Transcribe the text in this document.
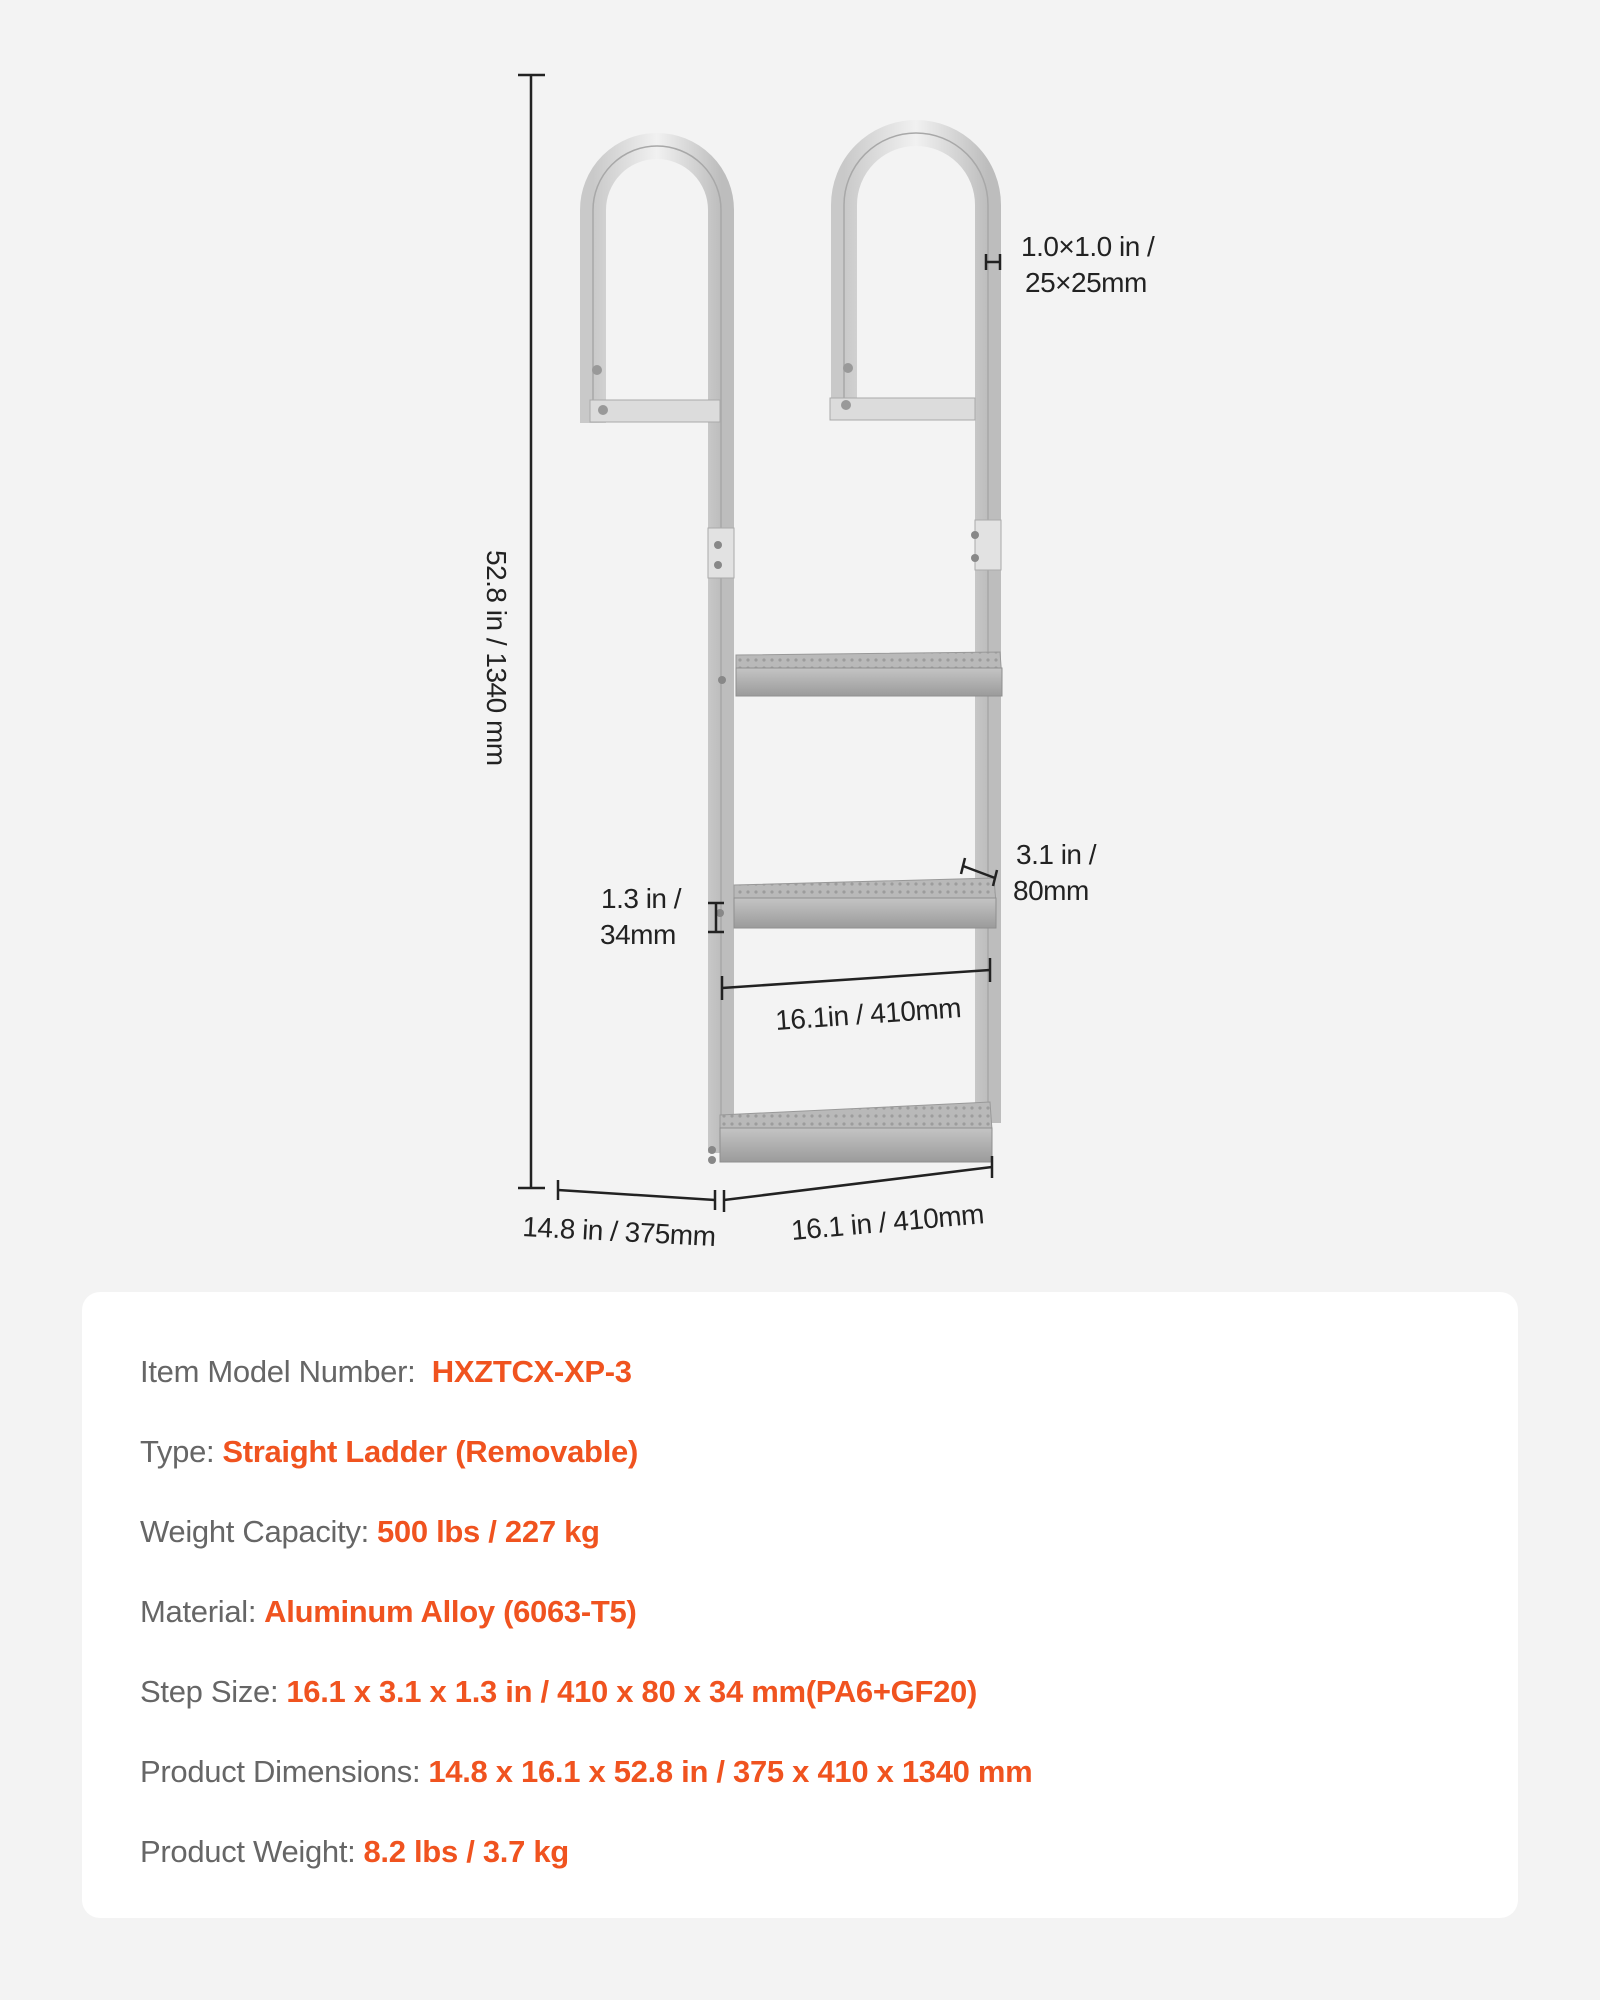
52.8 in / 1340 mm
1.0×1.0 in /
25×25mm
3.1 in /
80mm
1.3 in /
34mm
16.1in / 410mm
14.8 in / 375mm	16.1 in / 410mm
Item Model Number: HXZTCX-XP-3
Type: Straight Ladder (Removable)
Weight Capacity: 500 lbs / 227 kg
Material: Aluminum Alloy (6063-T5)
Step Size: 16.1 x 3.1 x 1.3 in / 410 x 80 x 34 mm(PA6+GF20)
Product Dimensions: 14.8 x 16.1 x 52.8 in / 375 x 410 x 1340 mm
Product Weight: 8.2 lbs / 3.7 kg
